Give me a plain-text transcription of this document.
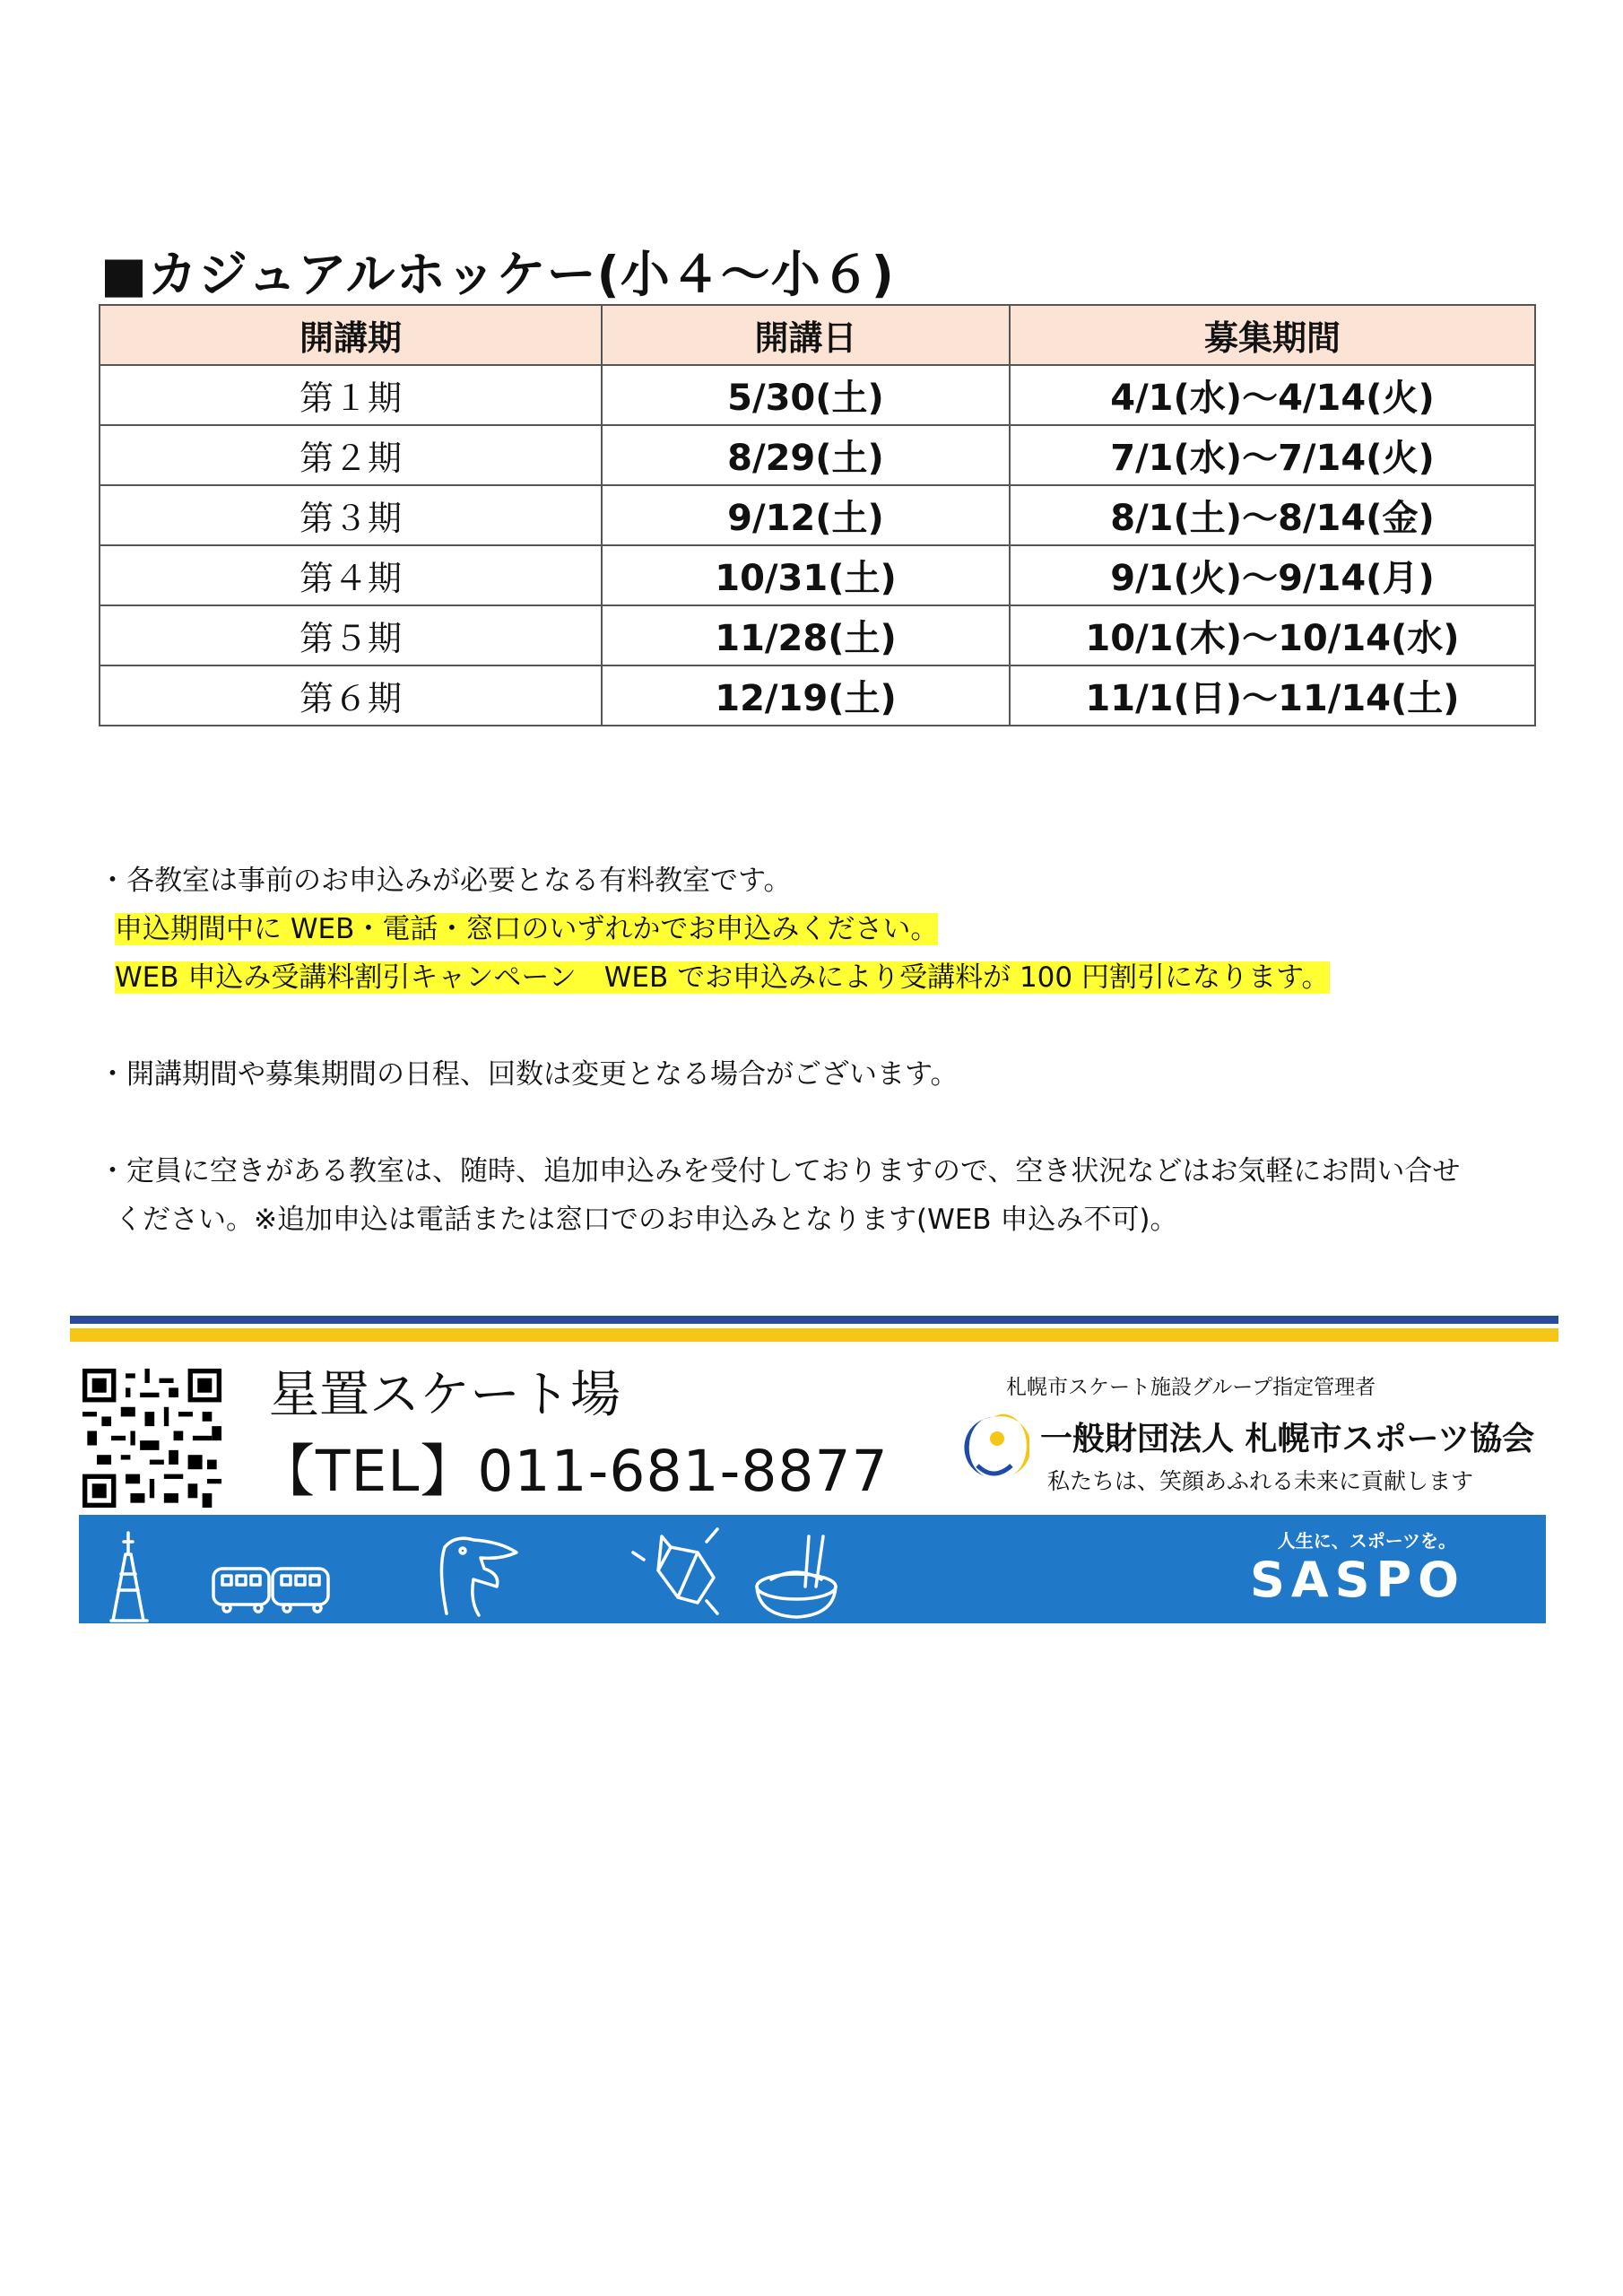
■カジュアルホッケー(小４～小６)
開講期	開講日	募集期間
第１期	5/30(土)	4/1(水)～4/14(火)
第２期	8/29(土)	7/1(水)～7/14(火)
第３期	9/12(土)	8/1(土)～8/14(金)
第４期	10/31(土)	9/1(火)～9/14(月)
第５期	11/28(土)	10/1(木)～10/14(水)
第６期	12/19(土)	11/1(日)～11/14(土)

・各教室は事前のお申込みが必要となる有料教室です。

申込期間中に WEB・電話・窓口のいずれかでお申込みください。

WEB 申込み受講料割引キャンペーン　WEB でお申込みにより受講料が 100 円割引になります。

・開講期間や募集期間の日程、回数は変更となる場合がございます。

・定員に空きがある教室は、随時、追加申込みを受付しておりますので、空き状況などはお気軽にお問い合せ

ください。※追加申込は電話または窓口でのお申込みとなります(WEB 申込み不可)。

星置スケート場
【TEL】011-681-8877
札幌市スケート施設グループ指定管理者
一般財団法人 札幌市スポーツ協会
私たちは、笑顔あふれる未来に貢献します
人生に、スポーツを。
SASPO
